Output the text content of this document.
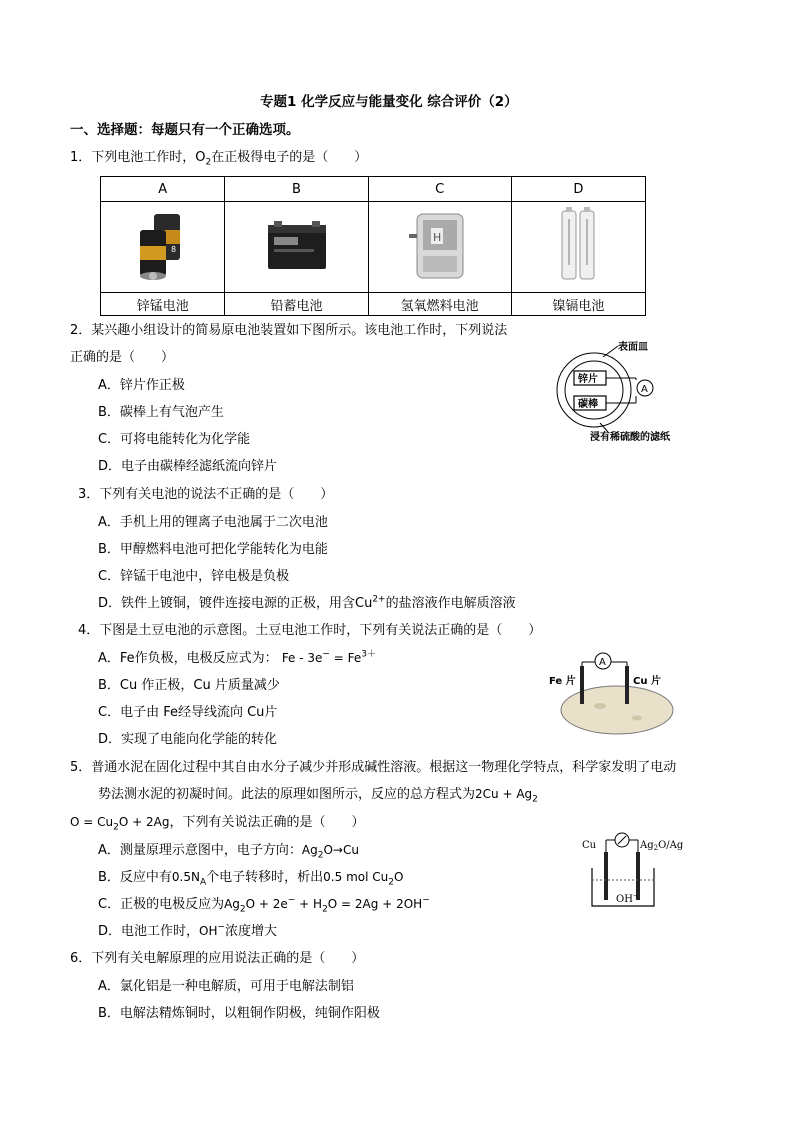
专题1 化学反应与能量变化 综合评价（2）
一、选择题：每题只有一个正确选项。
1．下列电池工作时，$O_2$在正极得电子的是（　　）
A	B	C	D

8		H

锌锰电池	铅蓄电池	氢氧燃料电池	镍镉电池
2．某兴趣小组设计的简易原电池装置如下图所示。该电池工作时，下列说法
正确的是（　　）
A．锌片作正极
B．碳棒上有气泡产生
C．可将电能转化为化学能
D．电子由碳棒经滤纸流向锌片
锌片
碳棒
A
表面皿
浸有稀硫酸的滤纸
3．下列有关电池的说法不正确的是（　　）
A．手机上用的锂离子电池属于二次电池
B．甲醇燃料电池可把化学能转化为电能
C．锌锰干电池中，锌电极是负极
D．铁件上镀铜，镀件连接电源的正极，用含$Cu^{2+}$的盐溶液作电解质溶液
4．下图是土豆电池的示意图。土豆电池工作时，下列有关说法正确的是（　　）
A．Fe作负极，电极反应式为： $Fe - 3e^- = Fe^{3+}$
B．Cu 作正极，Cu 片质量减少
C．电子由 Fe经导线流向 Cu片
D．实现了电能向化学能的转化
A
Fe 片	Cu 片
5．普通水泥在固化过程中其自由水分子减少并形成碱性溶液。根据这一物理化学特点，科学家发明了电动
势法测水泥的初凝时间。此法的原理如图所示，反应的总方程式为$2Cu + Ag_2$
$O = Cu_2O + 2Ag$，下列有关说法正确的是（　　）
A．测量原理示意图中，电子方向：$Ag_2O\to Cu$
B．反应中有$0.5N_A$个电子转移时，析出0.5 mol $Cu_2O$
C．正极的电极反应为$Ag_2O + 2e^- + H_2O = 2Ag + 2OH^-$
D．电池工作时，OH−浓度增大
Cu	$Ag_2O/Ag$
OH−
6．下列有关电解原理的应用说法正确的是（　　）
A．氯化铝是一种电解质，可用于电解法制铝
B．电解法精炼铜时，以粗铜作阴极，纯铜作阳极
